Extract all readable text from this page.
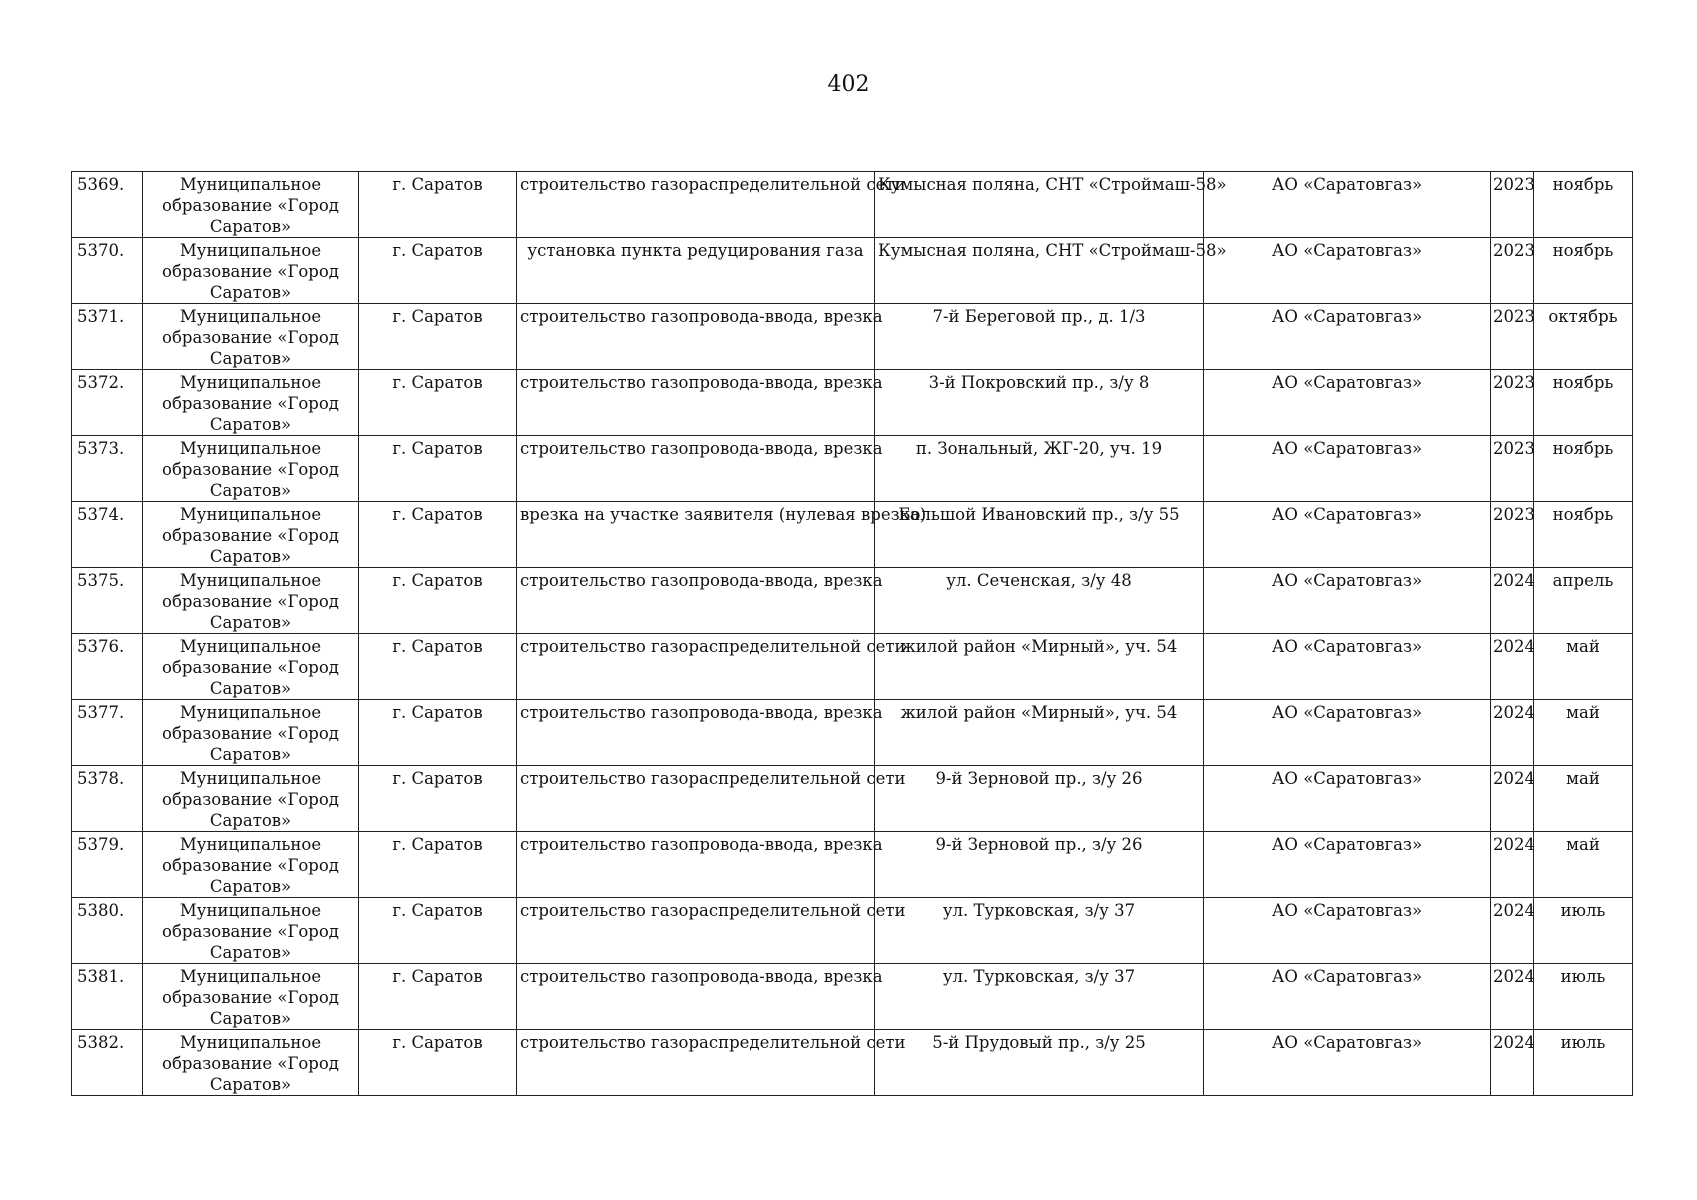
402
5369.	Муниципальное образование «Город Саратов»	г. Саратов	строительство газораспределительной сети	Кумысная поляна, СНТ «Строймаш-58»	АО «Саратовгаз»	2023	ноябрь
5370.	Муниципальное образование «Город Саратов»	г. Саратов	установка пункта редуцирования газа	Кумысная поляна, СНТ «Строймаш-58»	АО «Саратовгаз»	2023	ноябрь
5371.	Муниципальное образование «Город Саратов»	г. Саратов	строительство газопровода-ввода, врезка	7-й Береговой пр., д. 1/3	АО «Саратовгаз»	2023	октябрь
5372.	Муниципальное образование «Город Саратов»	г. Саратов	строительство газопровода-ввода, врезка	3-й Покровский пр., з/у 8	АО «Саратовгаз»	2023	ноябрь
5373.	Муниципальное образование «Город Саратов»	г. Саратов	строительство газопровода-ввода, врезка	п. Зональный, ЖГ-20, уч. 19	АО «Саратовгаз»	2023	ноябрь
5374.	Муниципальное образование «Город Саратов»	г. Саратов	врезка на участке заявителя (нулевая врезка)	Большой Ивановский пр., з/у 55	АО «Саратовгаз»	2023	ноябрь
5375.	Муниципальное образование «Город Саратов»	г. Саратов	строительство газопровода-ввода, врезка	ул. Сеченская, з/у 48	АО «Саратовгаз»	2024	апрель
5376.	Муниципальное образование «Город Саратов»	г. Саратов	строительство газораспределительной сети	жилой район «Мирный», уч. 54	АО «Саратовгаз»	2024	май
5377.	Муниципальное образование «Город Саратов»	г. Саратов	строительство газопровода-ввода, врезка	жилой район «Мирный», уч. 54	АО «Саратовгаз»	2024	май
5378.	Муниципальное образование «Город Саратов»	г. Саратов	строительство газораспределительной сети	9-й Зерновой пр., з/у 26	АО «Саратовгаз»	2024	май
5379.	Муниципальное образование «Город Саратов»	г. Саратов	строительство газопровода-ввода, врезка	9-й Зерновой пр., з/у 26	АО «Саратовгаз»	2024	май
5380.	Муниципальное образование «Город Саратов»	г. Саратов	строительство газораспределительной сети	ул. Турковская, з/у 37	АО «Саратовгаз»	2024	июль
5381.	Муниципальное образование «Город Саратов»	г. Саратов	строительство газопровода-ввода, врезка	ул. Турковская, з/у 37	АО «Саратовгаз»	2024	июль
5382.	Муниципальное образование «Город Саратов»	г. Саратов	строительство газораспределительной сети	5-й Прудовый пр., з/у 25	АО «Саратовгаз»	2024	июль
